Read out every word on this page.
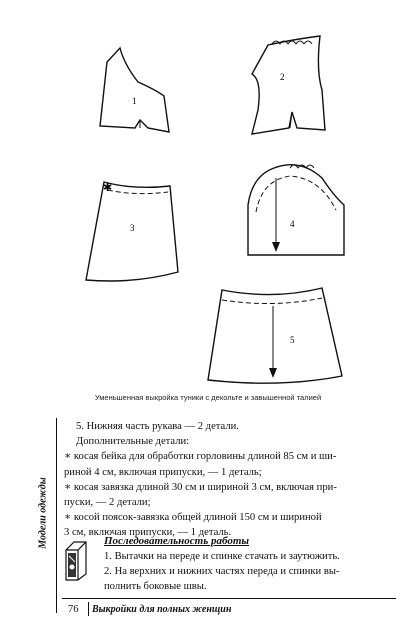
1
2
✱
3	4
5
Уменьшенная выкройка туники с декольте и завышенной талией
Модели одежды

5. Нижняя часть рукава — 2 детали.

Дополнительные детали:

∗ косая бейка для обработки горловины длиной 85 см и ши-

риной 4 см, включая припуски, — 1 деталь;

∗ косая завязка длиной 30 см и шириной 3 см, включая при-

пуски, — 2 детали;

∗ косой поясок-завязка общей длиной 150 см и шириной

3 см, включая припуски, — 1 деталь.

Последовательность работы

1. Вытачки на переде и спинке стачать и заутюжить.

2. На верхних и нижних частях переда и спинки вы-

полнить боковые швы.

76 Выкройки для полных женщин
